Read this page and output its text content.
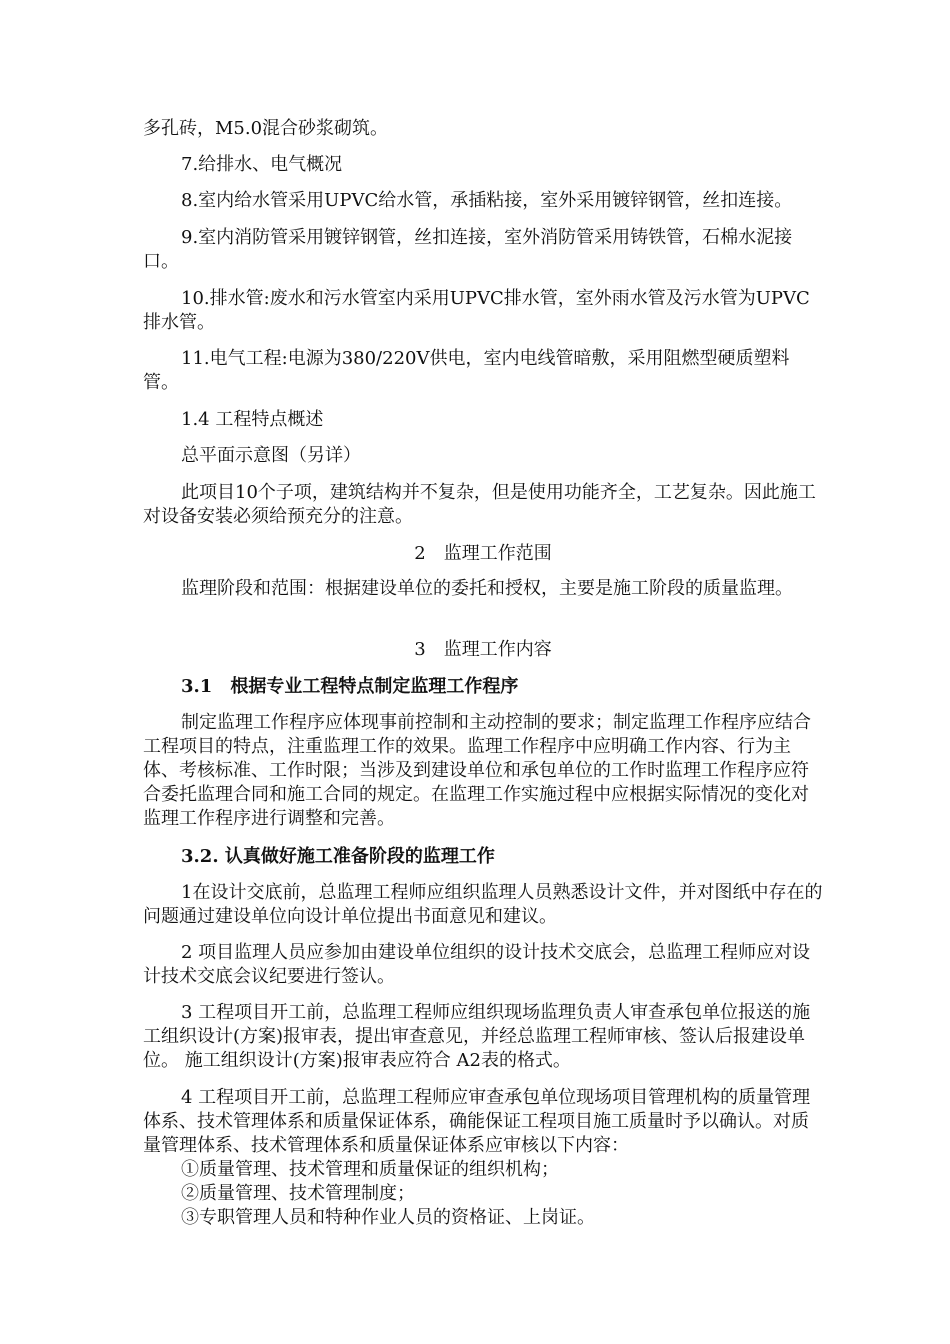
多孔砖，M5.0混合砂浆砌筑。

7.给排水、电气概况

8.室内给水管采用UPVC给水管，承插粘接，室外采用镀锌钢管，丝扣连接。

9.室内消防管采用镀锌钢管，丝扣连接，室外消防管采用铸铁管，石棉水泥接口。

10.排水管:废水和污水管室内采用UPVC排水管，室外雨水管及污水管为UPVC排水管。

11.电气工程:电源为380/220V供电，室内电线管暗敷，采用阻燃型硬质塑料管。

1.4 工程特点概述

总平面示意图（另详）

此项目10个子项，建筑结构并不复杂，但是使用功能齐全，工艺复杂。因此施工对设备安装必须给预充分的注意。

2　监理工作范围

监理阶段和范围：根据建设单位的委托和授权，主要是施工阶段的质量监理。

3　监理工作内容

3.1　根据专业工程特点制定监理工作程序

制定监理工作程序应体现事前控制和主动控制的要求；制定监理工作程序应结合工程项目的特点，注重监理工作的效果。监理工作程序中应明确工作内容、行为主体、考核标准、工作时限；当涉及到建设单位和承包单位的工作时监理工作程序应符合委托监理合同和施工合同的规定。在监理工作实施过程中应根据实际情况的变化对监理工作程序进行调整和完善。

3.2. 认真做好施工准备阶段的监理工作

1在设计交底前，总监理工程师应组织监理人员熟悉设计文件，并对图纸中存在的问题通过建设单位向设计单位提出书面意见和建议。

2 项目监理人员应参加由建设单位组织的设计技术交底会，总监理工程师应对设计技术交底会议纪要进行签认。

3 工程项目开工前，总监理工程师应组织现场监理负责人审查承包单位报送的施工组织设计(方案)报审表，提出审查意见，并经总监理工程师审核、签认后报建设单位。 施工组织设计(方案)报审表应符合 A2表的格式。

4 工程项目开工前，总监理工程师应审查承包单位现场项目管理机构的质量管理体系、技术管理体系和质量保证体系，确能保证工程项目施工质量时予以确认。对质量管理体系、技术管理体系和质量保证体系应审核以下内容：

①质量管理、技术管理和质量保证的组织机构；

②质量管理、技术管理制度；

③专职管理人员和特种作业人员的资格证、上岗证。
